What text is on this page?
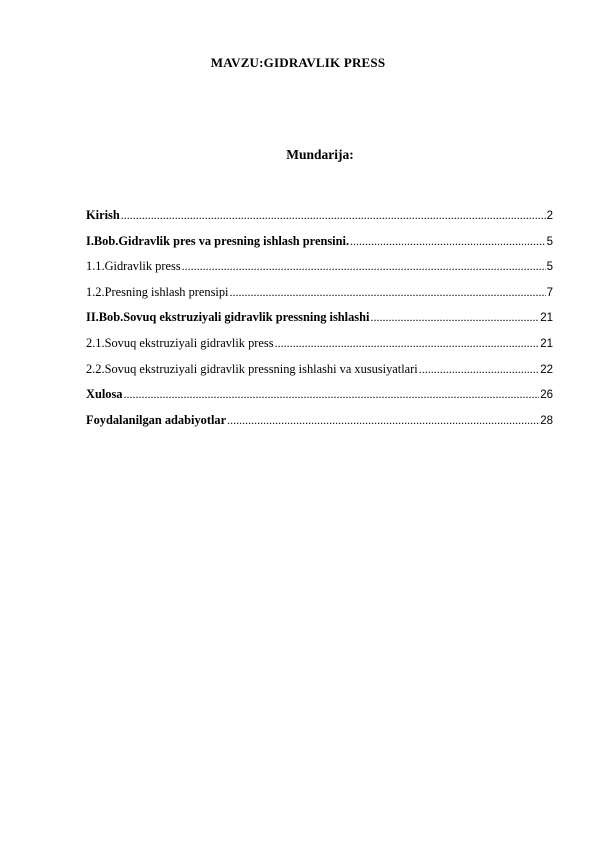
MAVZU:GIDRAVLIK PRESS
Mundarija:
Kirish .....	2
I.Bob.Gidravlik pres va presning ishlash prensini. .....	5
1.1.Gidravlik press .....	5
1.2.Presning ishlash prensipi .....	7
II.Bob.Sovuq ekstruziyali gidravlik pressning ishlashi .....	21
2.1.Sovuq ekstruziyali gidravlik press .....	21
2.2.Sovuq ekstruziyali gidravlik pressning ishlashi va xususiyatlari .....	22
Xulosa .....	26
Foydalanilgan adabiyotlar .....	28
